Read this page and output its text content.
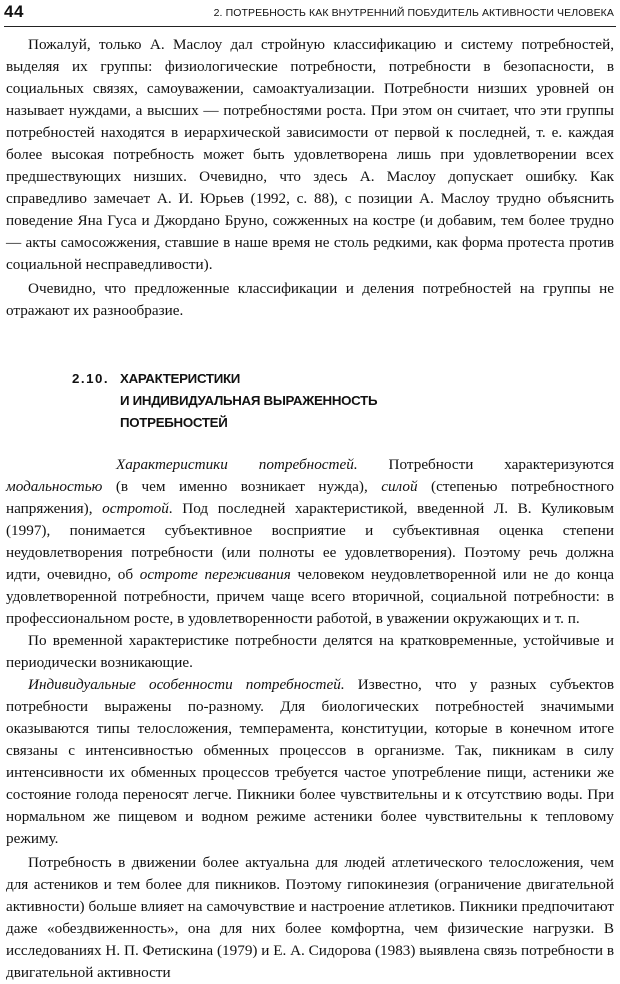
44	2. ПОТРЕБНОСТЬ КАК ВНУТРЕННИЙ ПОБУДИТЕЛЬ АКТИВНОСТИ ЧЕЛОВЕКА

Пожалуй, только А. Маслоу дал стройную классификацию и систему потребностей, выделяя их группы: физиологические потребности, потребности в безопасности, в социальных связях, самоуважении, самоактуализации. Потребности низших уровней он называет нуждами, а высших — потребностями роста. При этом он считает, что эти группы потребностей находятся в иерархической зависимости от первой к последней, т. е. каждая более высокая потребность может быть удовлетворена лишь при удовлетворении всех предшествующих низших. Очевидно, что здесь А. Маслоу допускает ошибку. Как справедливо замечает А. И. Юрьев (1992, с. 88), с позиции А. Маслоу трудно объяснить поведение Яна Гуса и Джордано Бруно, сожженных на костре (и добавим, тем более трудно — акты самосожжения, ставшие в наше время не столь редкими, как форма протеста против социальной несправедливости).

Очевидно, что предложенные классификации и деления потребностей на группы не отражают их разнообразие.

2.10. ХАРАКТЕРИСТИКИ
И ИНДИВИДУАЛЬНАЯ ВЫРАЖЕННОСТЬ
ПОТРЕБНОСТЕЙ

Характеристики потребностей. Потребности характеризуются модальностью (в чем именно возникает нужда), силой (степенью потребностного напряжения), остротой. Под последней характеристикой, введенной Л. В. Куликовым (1997), понимается субъективное восприятие и субъективная оценка степени неудовлетворения потребности (или полноты ее удовлетворения). Поэтому речь должна идти, очевидно, об остроте переживания человеком неудовлетворенной или не до конца удовлетворенной потребности, причем чаще всего вторичной, социальной потребности: в профессиональном росте, в удовлетворенности работой, в уважении окружающих и т. п.

По временной характеристике потребности делятся на кратковременные, устойчивые и периодически возникающие.

Индивидуальные особенности потребностей. Известно, что у разных субъектов потребности выражены по-разному. Для биологических потребностей значимыми оказываются типы телосложения, темперамента, конституции, которые в конечном итоге связаны с интенсивностью обменных процессов в организме. Так, пикникам в силу интенсивности их обменных процессов требуется частое употребление пищи, астеники же состояние голода переносят легче. Пикники более чувствительны и к отсутствию воды. При нормальном же пищевом и водном режиме астеники более чувствительны к тепловому режиму.

Потребность в движении более актуальна для людей атлетического телосложения, чем для астеников и тем более для пикников. Поэтому гипокинезия (ограничение двигательной активности) больше влияет на самочувствие и настроение атлетиков. Пикники предпочитают даже «обездвиженность», она для них более комфортна, чем физические нагрузки. В исследованиях Н. П. Фетискина (1979) и Е. А. Сидорова (1983) выявлена связь потребности в двигательной активности
